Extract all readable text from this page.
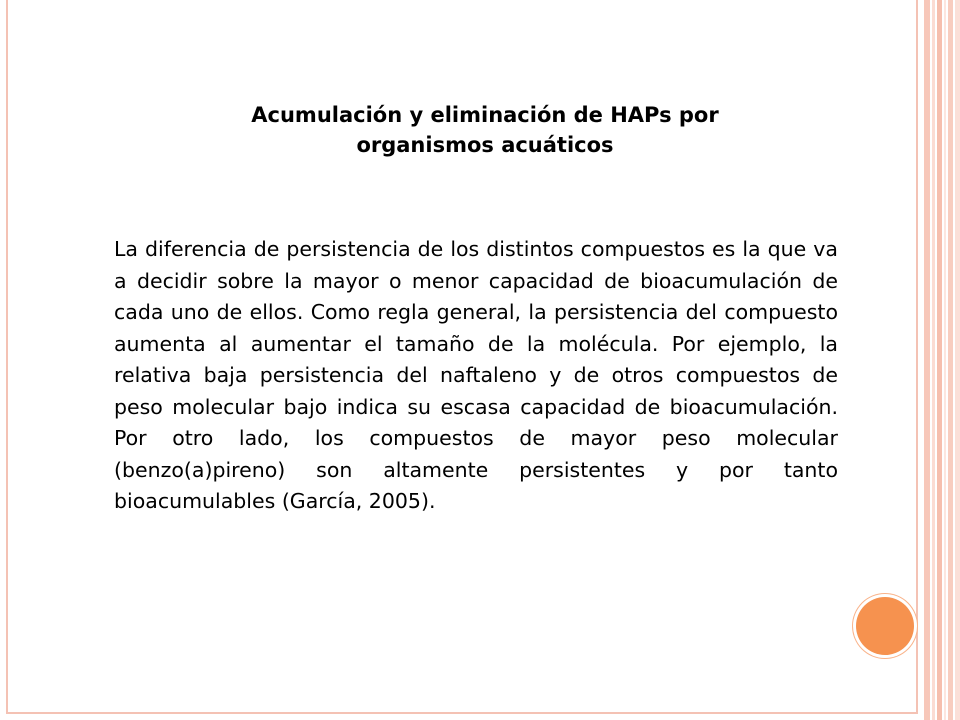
Acumulación y eliminación de HAPs por
organismos acuáticos

La diferencia de persistencia de los distintos compuestos es la que va a decidir sobre la mayor o menor capacidad de bioacumulación de cada uno de ellos. Como regla general, la persistencia del compuesto aumenta al aumentar el tamaño de la molécula. Por ejemplo, la relativa baja persistencia del naftaleno y de otros compuestos de peso molecular bajo indica su escasa capacidad de bioacumulación. Por otro lado, los compuestos de mayor peso molecular (benzo(a)pireno) son altamente persistentes y por tanto bioacumulables (García, 2005).
